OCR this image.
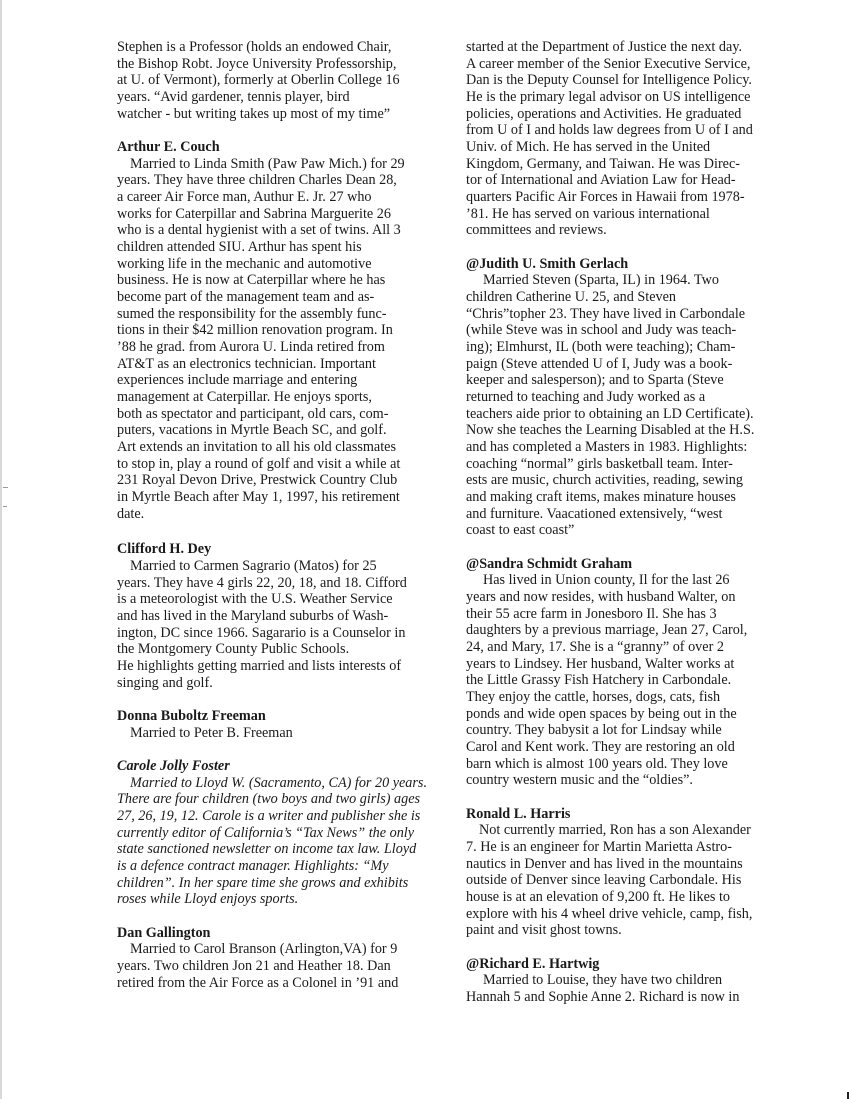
Stephen is a Professor (holds an endowed Chair,
the Bishop Robt. Joyce University Professorship,
at U. of Vermont), formerly at Oberlin College 16
years. “Avid gardener, tennis player, bird
watcher - but writing takes up most of my time”
Arthur E. Couch
Married to Linda Smith (Paw Paw Mich.) for 29
years. They have three children Charles Dean 28,
a career Air Force man, Authur E. Jr. 27 who
works for Caterpillar and Sabrina Marguerite 26
who is a dental hygienist with a set of twins. All 3
children attended SIU. Arthur has spent his
working life in the mechanic and automotive
business. He is now at Caterpillar where he has
become part of the management team and as-
sumed the responsibility for the assembly func-
tions in their $42 million renovation program. In
’88 he grad. from Aurora U. Linda retired from
AT&T as an electronics technician. Important
experiences include marriage and entering
management at Caterpillar. He enjoys sports,
both as spectator and participant, old cars, com-
puters, vacations in Myrtle Beach SC, and golf.
Art extends an invitation to all his old classmates
to stop in, play a round of golf and visit a while at
231 Royal Devon Drive, Prestwick Country Club
in Myrtle Beach after May 1, 1997, his retirement
date.
Clifford H. Dey
Married to Carmen Sagrario (Matos) for 25
years. They have 4 girls 22, 20, 18, and 18. Cifford
is a meteorologist with the U.S. Weather Service
and has lived in the Maryland suburbs of Wash-
ington, DC since 1966. Sagarario is a Counselor in
the Montgomery County Public Schools.
He highlights getting married and lists interests of
singing and golf.
Donna Buboltz Freeman
Married to Peter B. Freeman
Carole Jolly Foster
Married to Lloyd W. (Sacramento, CA) for 20 years.
There are four children (two boys and two girls) ages
27, 26, 19, 12. Carole is a writer and publisher she is
currently editor of California’s “Tax News” the only
state sanctioned newsletter on income tax law. Lloyd
is a defence contract manager. Highlights: “My
children”. In her spare time she grows and exhibits
roses while Lloyd enjoys sports.
Dan Gallington
Married to Carol Branson (Arlington,VA) for 9
years. Two children Jon 21 and Heather 18. Dan
retired from the Air Force as a Colonel in ’91 and
started at the Department of Justice the next day.
A career member of the Senior Executive Service,
Dan is the Deputy Counsel for Intelligence Policy.
He is the primary legal advisor on US intelligence
policies, operations and Activities. He graduated
from U of I and holds law degrees from U of I and
Univ. of Mich. He has served in the United
Kingdom, Germany, and Taiwan. He was Direc-
tor of International and Aviation Law for Head-
quarters Pacific Air Forces in Hawaii from 1978-
’81. He has served on various international
committees and reviews.
@Judith U. Smith Gerlach
Married Steven (Sparta, IL) in 1964. Two
children Catherine U. 25, and Steven
“Chris”topher 23. They have lived in Carbondale
(while Steve was in school and Judy was teach-
ing); Elmhurst, IL (both were teaching); Cham-
paign (Steve attended U of I, Judy was a book-
keeper and salesperson); and to Sparta (Steve
returned to teaching and Judy worked as a
teachers aide prior to obtaining an LD Certificate).
Now she teaches the Learning Disabled at the H.S.
and has completed a Masters in 1983. Highlights:
coaching “normal” girls basketball team. Inter-
ests are music, church activities, reading, sewing
and making craft items, makes minature houses
and furniture. Vaacationed extensively, “west
coast to east coast”
@Sandra Schmidt Graham
Has lived in Union county, Il for the last 26
years and now resides, with husband Walter, on
their 55 acre farm in Jonesboro Il. She has 3
daughters by a previous marriage, Jean 27, Carol,
24, and Mary, 17. She is a “granny” of over 2
years to Lindsey. Her husband, Walter works at
the Little Grassy Fish Hatchery in Carbondale.
They enjoy the cattle, horses, dogs, cats, fish
ponds and wide open spaces by being out in the
country. They babysit a lot for Lindsay while
Carol and Kent work. They are restoring an old
barn which is almost 100 years old. They love
country western music and the “oldies”.
Ronald L. Harris
Not currently married, Ron has a son Alexander
7. He is an engineer for Martin Marietta Astro-
nautics in Denver and has lived in the mountains
outside of Denver since leaving Carbondale. His
house is at an elevation of 9,200 ft. He likes to
explore with his 4 wheel drive vehicle, camp, fish,
paint and visit ghost towns.
@Richard E. Hartwig
Married to Louise, they have two children
Hannah 5 and Sophie Anne 2. Richard is now in
